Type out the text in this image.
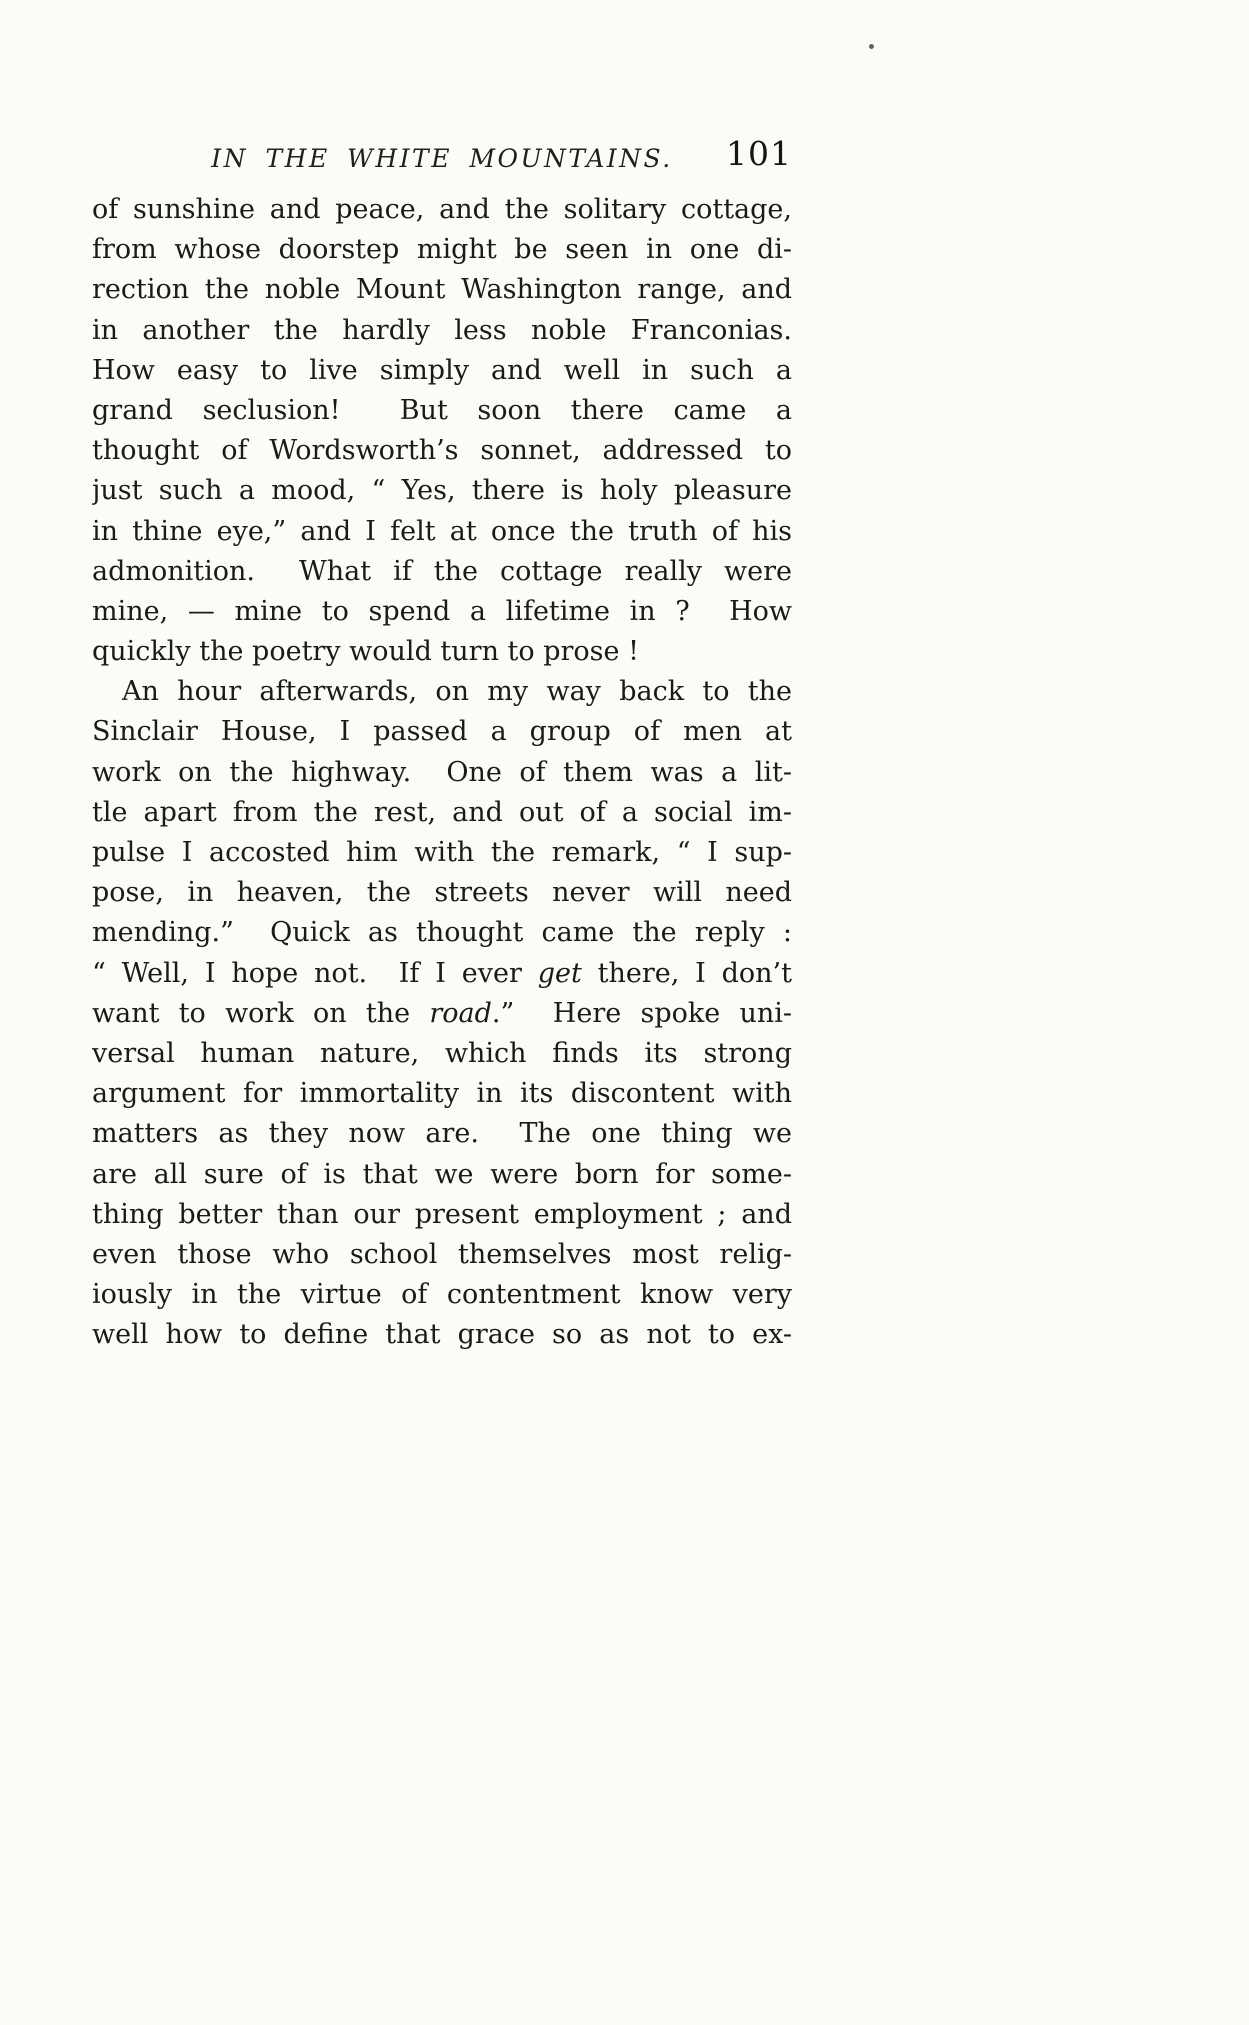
IN THE WHITE MOUNTAINS. 101
of sunshine and peace, and the solitary cottage,
from whose doorstep might be seen in one di-
rection the noble Mount Washington range, and
in another the hardly less noble Franconias.
How easy to live simply and well in such a
grand seclusion!  But soon there came a
thought of Wordsworth’s sonnet, addressed to
just such a mood, “ Yes, there is holy pleasure
in thine eye,” and I felt at once the truth of his
admonition.  What if the cottage really were
mine, — mine to spend a lifetime in ?  How
quickly the poetry would turn to prose !
An hour afterwards, on my way back to the
Sinclair House, I passed a group of men at
work on the highway.  One of them was a lit-
tle apart from the rest, and out of a social im-
pulse I accosted him with the remark, “ I sup-
pose, in heaven, the streets never will need
mending.”  Quick as thought came the reply :
“ Well, I hope not.  If I ever get there, I don’t
want to work on the road.”  Here spoke uni-
versal human nature, which finds its strong
argument for immortality in its discontent with
matters as they now are.  The one thing we
are all sure of is that we were born for some-
thing better than our present employment ; and
even those who school themselves most relig-
iously in the virtue of contentment know very
well how to define that grace so as not to ex-
